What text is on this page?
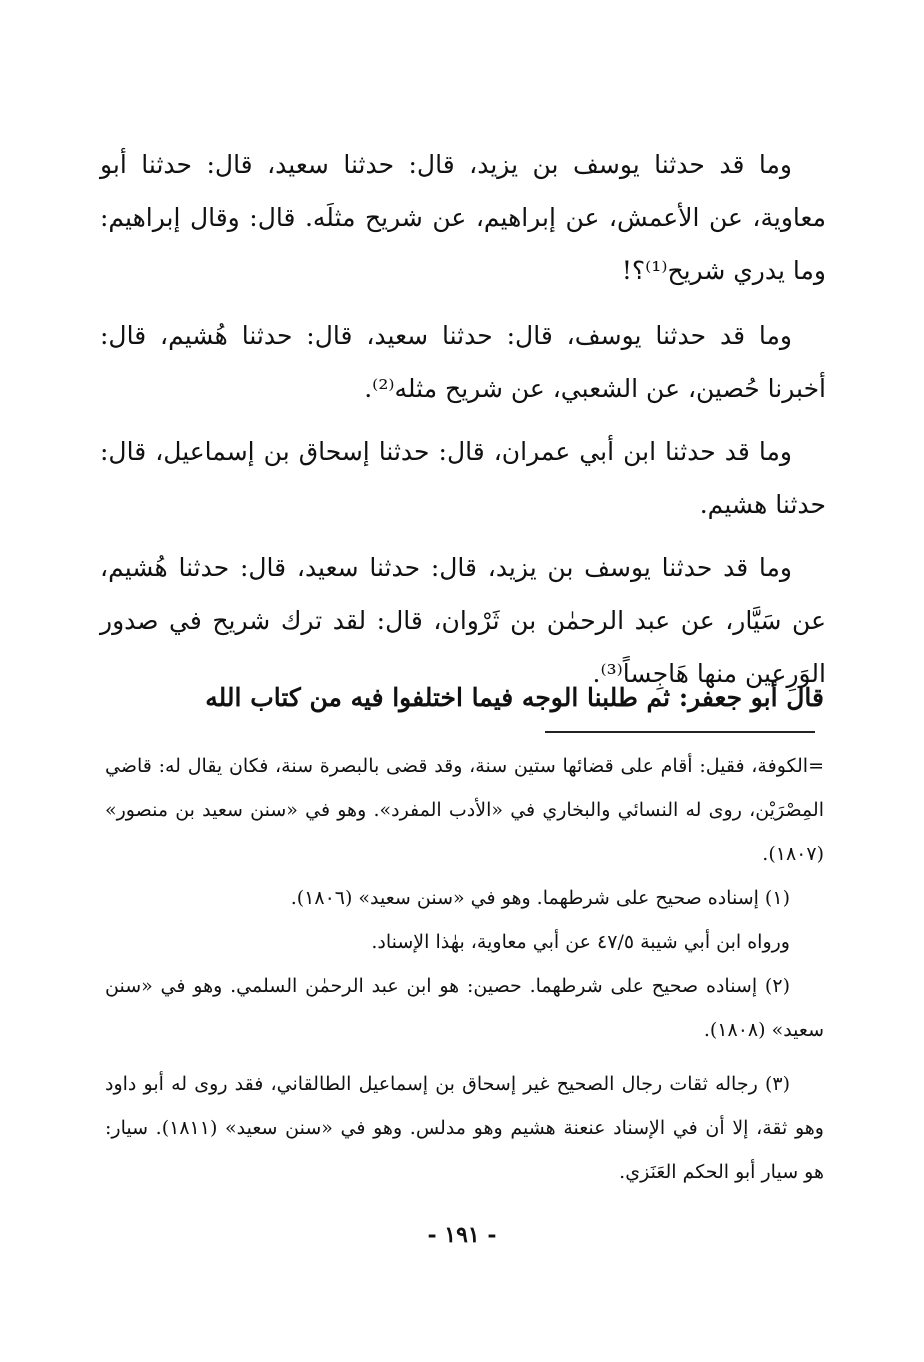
وما قد حدثنا يوسف بن يزيد، قال: حدثنا سعيد، قال: حدثنا أبو معاوية، عن الأعمش، عن إبراهيم، عن شريح مثلَه. قال: وقال إبراهيم: وما يدري شريح⁽¹⁾؟!

وما قد حدثنا يوسف، قال: حدثنا سعيد، قال: حدثنا هُشيم، قال: أخبرنا حُصين، عن الشعبي، عن شريح مثله⁽²⁾.

وما قد حدثنا ابن أبي عمران، قال: حدثنا إسحاق بن إسماعيل، قال: حدثنا هشيم.

وما قد حدثنا يوسف بن يزيد، قال: حدثنا سعيد، قال: حدثنا هُشيم، عن سَيَّار، عن عبد الرحمٰن بن ثَرْوان، قال: لقد ترك شريح في صدور الوَرِعين منها هَاجِساً⁽³⁾.

قال أبو جعفر: ثم طلبنا الوجه فيما اختلفوا فيه من كتاب الله

=الكوفة، فقيل: أقام على قضائها ستين سنة، وقد قضى بالبصرة سنة، فكان يقال له: قاضي المِصْرَيْن، روى له النسائي والبخاري في «الأدب المفرد». وهو في «سنن سعيد بن منصور» (١٨٠٧).

(١) إسناده صحيح على شرطهما. وهو في «سنن سعيد» (١٨٠٦).

ورواه ابن أبي شيبة ٤٧/٥ عن أبي معاوية، بهٰذا الإسناد.

(٢) إسناده صحيح على شرطهما. حصين: هو ابن عبد الرحمٰن السلمي. وهو في «سنن سعيد» (١٨٠٨).

(٣) رجاله ثقات رجال الصحيح غير إسحاق بن إسماعيل الطالقاني، فقد روى له أبو داود وهو ثقة، إلا أن في الإسناد عنعنة هشيم وهو مدلس. وهو في «سنن سعيد» (١٨١١). سيار: هو سيار أبو الحكم العَنَزي.

- ١٩١ -
